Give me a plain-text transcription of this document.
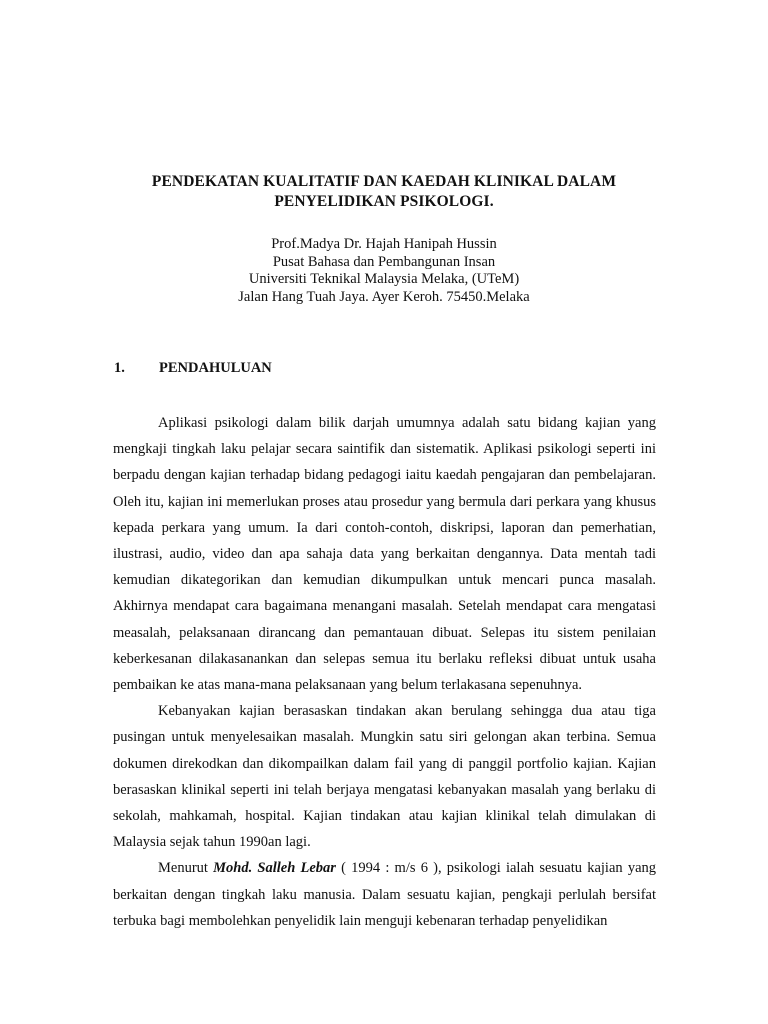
PENDEKATAN KUALITATIF DAN KAEDAH KLINIKAL DALAM
PENYELIDIKAN PSIKOLOGI.
Prof.Madya Dr. Hajah Hanipah Hussin
Pusat Bahasa dan Pembangunan Insan
Universiti Teknikal Malaysia Melaka, (UTeM)
Jalan Hang Tuah Jaya. Ayer Keroh. 75450.Melaka
1. PENDAHULUAN

Aplikasi psikologi dalam bilik darjah umumnya adalah satu bidang kajian yang mengkaji tingkah laku pelajar secara saintifik dan sistematik. Aplikasi psikologi seperti ini berpadu dengan kajian terhadap bidang pedagogi iaitu kaedah pengajaran dan pembelajaran. Oleh itu, kajian ini memerlukan proses atau prosedur yang bermula dari perkara yang khusus kepada perkara yang umum. Ia dari contoh-contoh, diskripsi, laporan dan pemerhatian, ilustrasi, audio, video dan apa sahaja data yang berkaitan dengannya. Data mentah tadi kemudian dikategorikan dan kemudian dikumpulkan untuk mencari punca masalah. Akhirnya mendapat cara bagaimana menangani masalah. Setelah mendapat cara mengatasi measalah, pelaksanaan dirancang dan pemantauan dibuat. Selepas itu sistem penilaian keberkesanan dilakasanankan dan selepas semua itu berlaku refleksi dibuat untuk usaha pembaikan ke atas mana-mana pelaksanaan yang belum terlakasana sepenuhnya.

Kebanyakan kajian berasaskan tindakan akan berulang sehingga dua atau tiga pusingan untuk menyelesaikan masalah. Mungkin satu siri gelongan akan terbina. Semua dokumen direkodkan dan dikompailkan dalam fail yang di panggil portfolio kajian. Kajian berasaskan klinikal seperti ini telah berjaya mengatasi kebanyakan masalah yang berlaku di sekolah, mahkamah, hospital. Kajian tindakan atau kajian klinikal telah dimulakan di Malaysia sejak tahun 1990an lagi.

Menurut Mohd. Salleh Lebar ( 1994 : m/s 6 ), psikologi ialah sesuatu kajian yang berkaitan dengan tingkah laku manusia. Dalam sesuatu kajian, pengkaji perlulah bersifat terbuka bagi membolehkan penyelidik lain menguji kebenaran terhadap penyelidikan
